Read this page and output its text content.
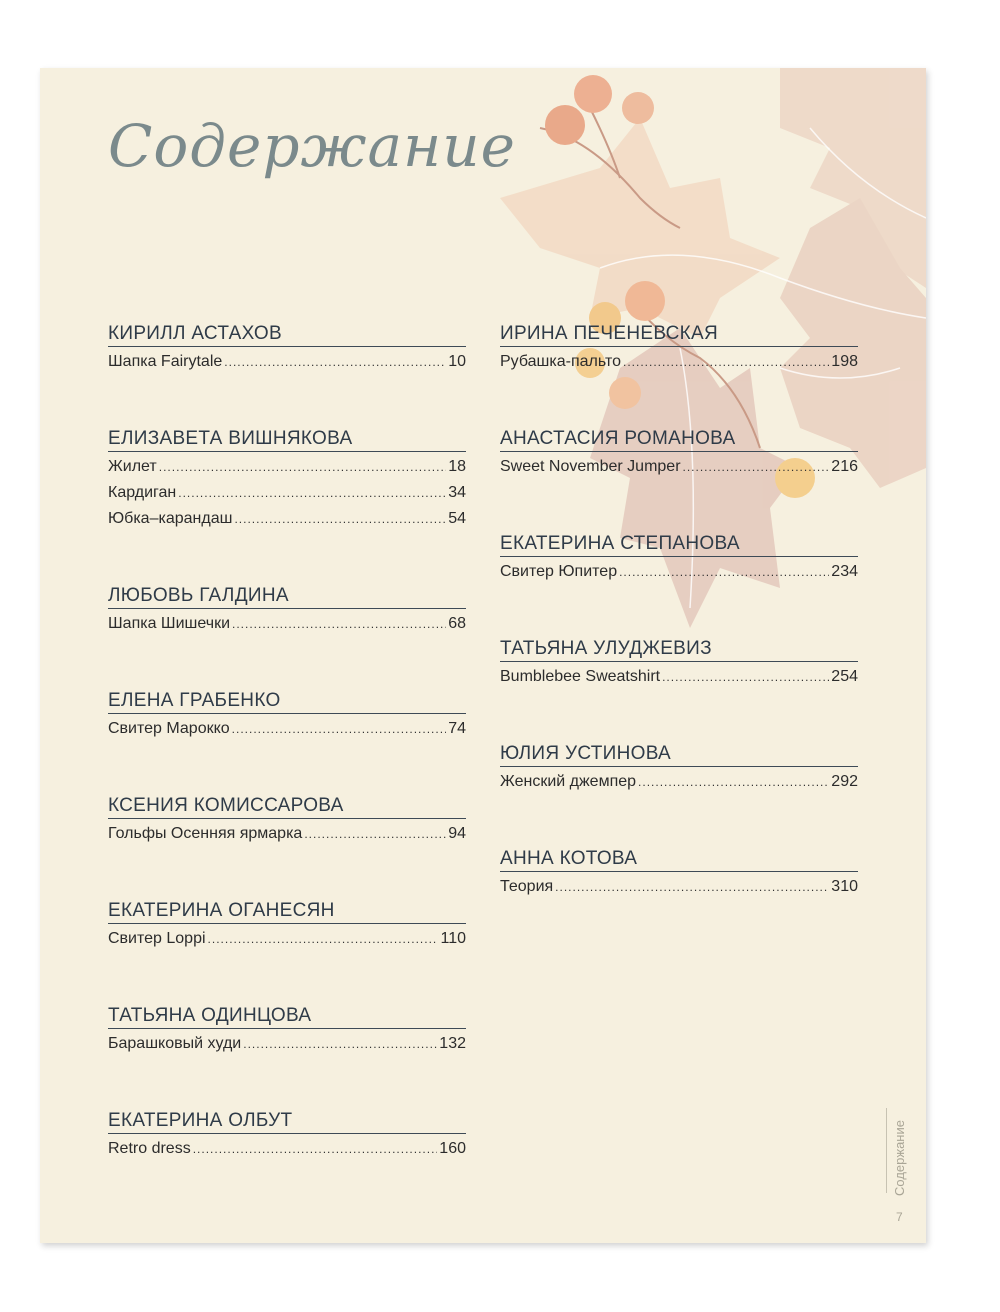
Содержание
КИРИЛЛ АСТАХОВ
Шапка Fairytale .....	10
ЕЛИЗАВЕТА ВИШНЯКОВА
Жилет .....	18
Кардиган .....	34
Юбка–карандаш .....	54
ЛЮБОВЬ ГАЛДИНА
Шапка Шишечки .....	68
ЕЛЕНА ГРАБЕНКО
Свитер Марокко .....	74
КСЕНИЯ КОМИССАРОВА
Гольфы Осенняя ярмарка .....	94
ЕКАТЕРИНА ОГАНЕСЯН
Свитер Loppi .....	110
ТАТЬЯНА ОДИНЦОВА
Барашковый худи .....	132
ЕКАТЕРИНА ОЛБУТ
Retro dress .....	160
ИРИНА ПЕЧЕНЕВСКАЯ
Рубашка-пальто .....	198
АНАСТАСИЯ РОМАНОВА
Sweet November Jumper .....	216
ЕКАТЕРИНА СТЕПАНОВА
Свитер Юпитер .....	234
ТАТЬЯНА УЛУДЖЕВИЗ
Bumblebee Sweatshirt .....	254
ЮЛИЯ УСТИНОВА
Женский джемпер .....	292
АННА КОТОВА
Теория .....	310
Содержание
7
